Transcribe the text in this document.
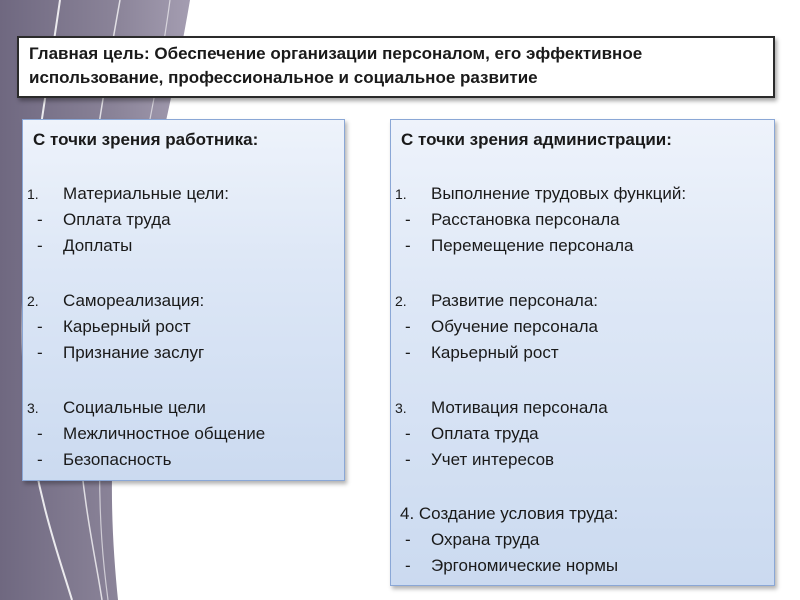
Главная цель: Обеспечение организации персоналом, его эффективное

использование, профессиональное и социальное развитие

С точки зрения работника:
1. Материальные цели:
- Оплата труда
- Доплаты
2. Самореализация:
- Карьерный рост
- Признание заслуг
3. Социальные цели
- Межличностное общение
- Безопасность
С точки зрения администрации:
1. Выполнение трудовых функций:
- Расстановка персонала
- Перемещение персонала
2. Развитие персонала:
- Обучение персонала
- Карьерный рост
3. Мотивация персонала
- Оплата труда
- Учет интересов
4. Создание условия труда:
- Охрана труда
- Эргономические нормы
